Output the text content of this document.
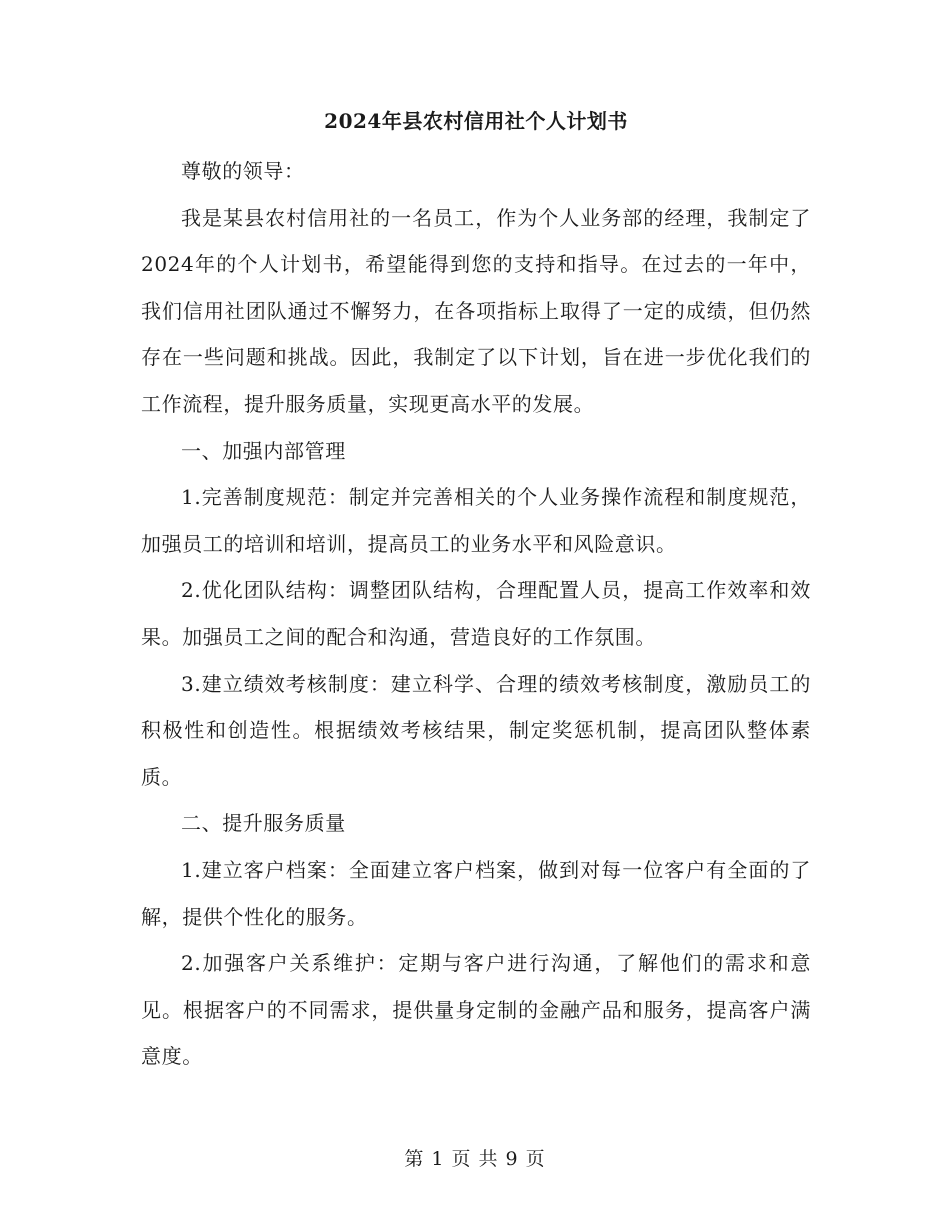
2024年县农村信用社个人计划书

尊敬的领导：

我是某县农村信用社的一名员工，作为个人业务部的经理，我制定了2024年的个人计划书，希望能得到您的支持和指导。在过去的一年中，我们信用社团队通过不懈努力，在各项指标上取得了一定的成绩，但仍然存在一些问题和挑战。因此，我制定了以下计划，旨在进一步优化我们的工作流程，提升服务质量，实现更高水平的发展。

一、加强内部管理

1.完善制度规范：制定并完善相关的个人业务操作流程和制度规范，加强员工的培训和培训，提高员工的业务水平和风险意识。

2.优化团队结构：调整团队结构，合理配置人员，提高工作效率和效果。加强员工之间的配合和沟通，营造良好的工作氛围。

3.建立绩效考核制度：建立科学、合理的绩效考核制度，激励员工的积极性和创造性。根据绩效考核结果，制定奖惩机制，提高团队整体素质。

二、提升服务质量

1.建立客户档案：全面建立客户档案，做到对每一位客户有全面的了解，提供个性化的服务。

2.加强客户关系维护：定期与客户进行沟通，了解他们的需求和意见。根据客户的不同需求，提供量身定制的金融产品和服务，提高客户满意度。

第 1 页 共 9 页
